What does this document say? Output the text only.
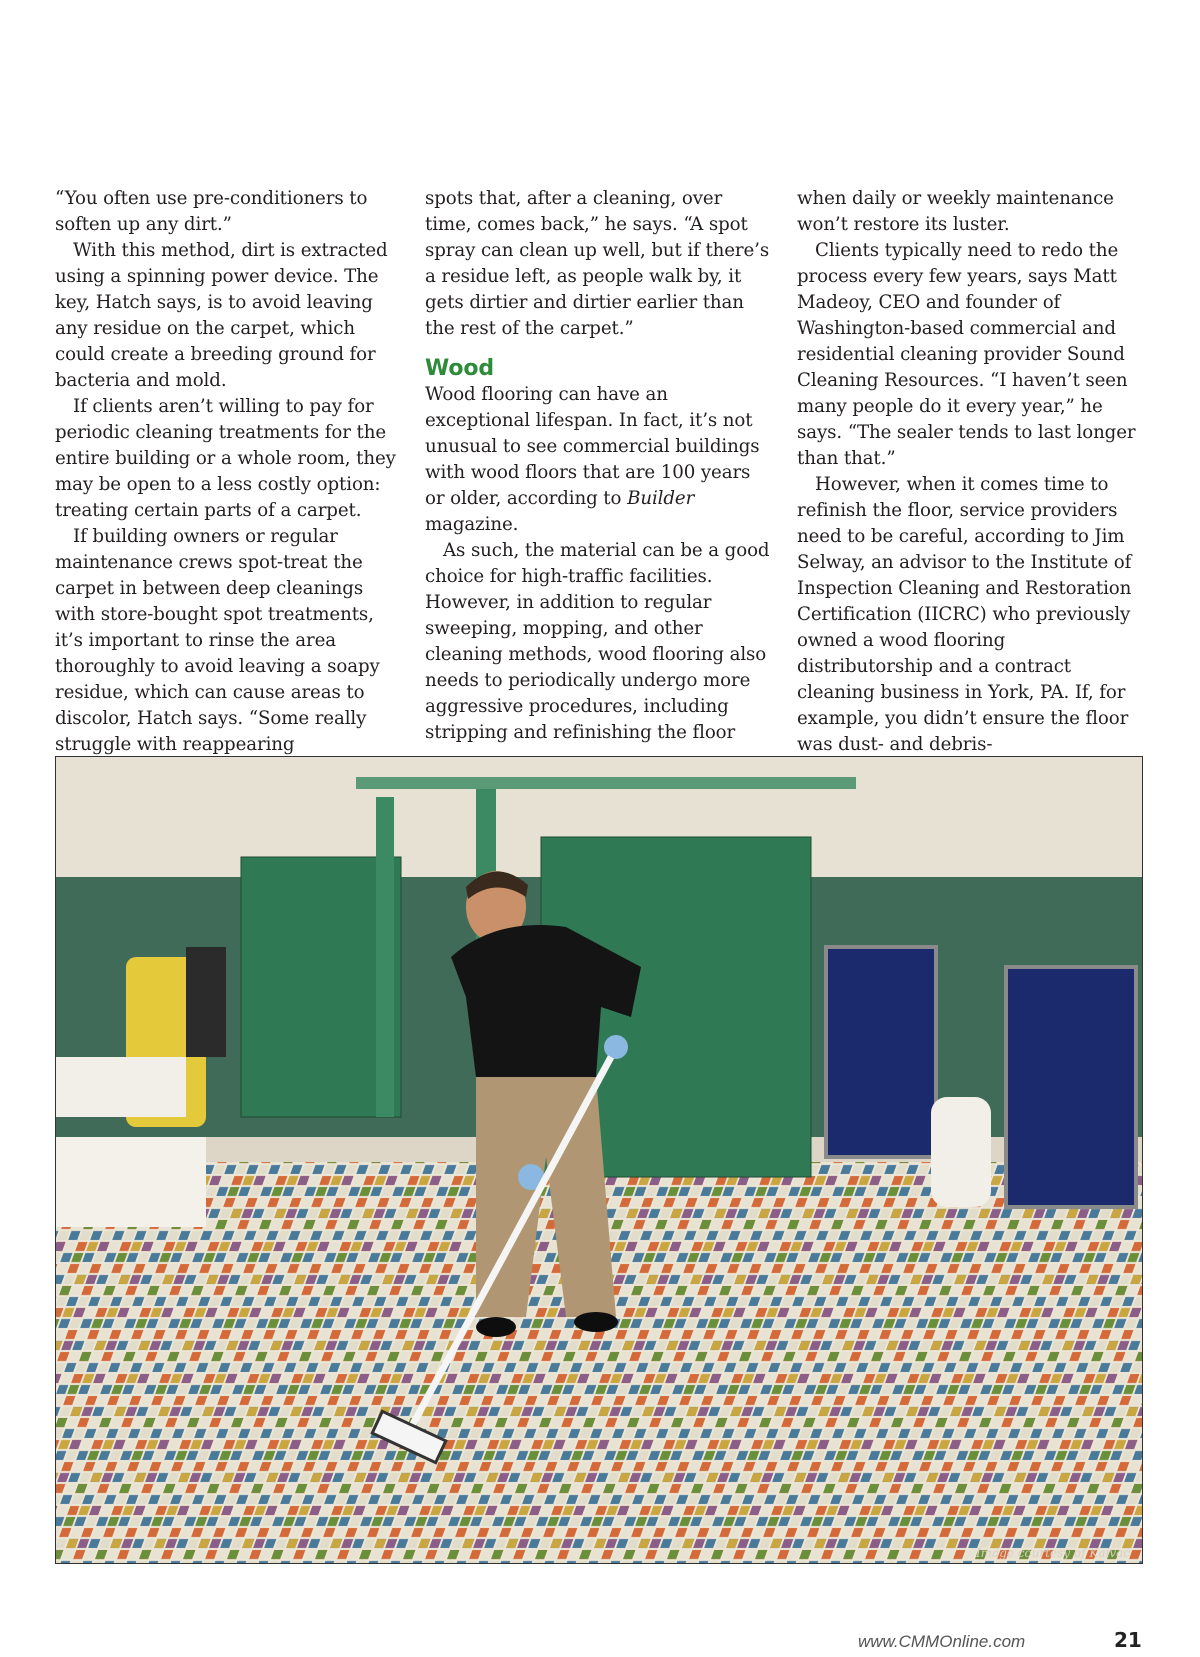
“You often use pre-conditioners to soften up any dirt.”

With this method, dirt is extracted using a spinning power device. The key, Hatch says, is to avoid leaving any residue on the carpet, which could create a breeding ground for bacteria and mold.

If clients aren’t willing to pay for periodic cleaning treatments for the entire building or a whole room, they may be open to a less costly option: treating certain parts of a carpet.

If building owners or regular maintenance crews spot-treat the carpet in between deep cleanings with store-bought spot treatments, it’s important to rinse the area thoroughly to avoid leaving a soapy residue, which can cause areas to discolor, Hatch says. “Some really struggle with reappearing

spots that, after a cleaning, over time, comes back,” he says. “A spot spray can clean up well, but if there’s a residue left, as people walk by, it gets dirtier and dirtier earlier than the rest of the carpet.”

Wood

Wood flooring can have an exceptional lifespan. In fact, it’s not unusual to see commercial buildings with wood floors that are 100 years or older, according to Builder magazine.

As such, the material can be a good choice for high-traffic facilities. However, in addition to regular sweeping, mopping, and other cleaning methods, wood flooring also needs to periodically undergo more aggressive procedures, including stripping and refinishing the floor

when daily or weekly maintenance won’t restore its luster.

Clients typically need to redo the process every few years, says Matt Madeoy, CEO and founder of Washington-based commercial and residential cleaning provider Sound Cleaning Resources. “I haven’t seen many people do it every year,” he says. “The sealer tends to last longer than that.”

However, when it comes time to refinish the floor, service providers need to be careful, according to Jim Selway, an advisor to the Institute of Inspection Cleaning and Restoration Certification (IICRC) who previously owned a wood flooring distributorship and a contract cleaning business in York, PA. If, for example, you didn’t ensure the floor was dust- and debris-

Image courtesy of Kaivac
www.CMMOnline.com	21
